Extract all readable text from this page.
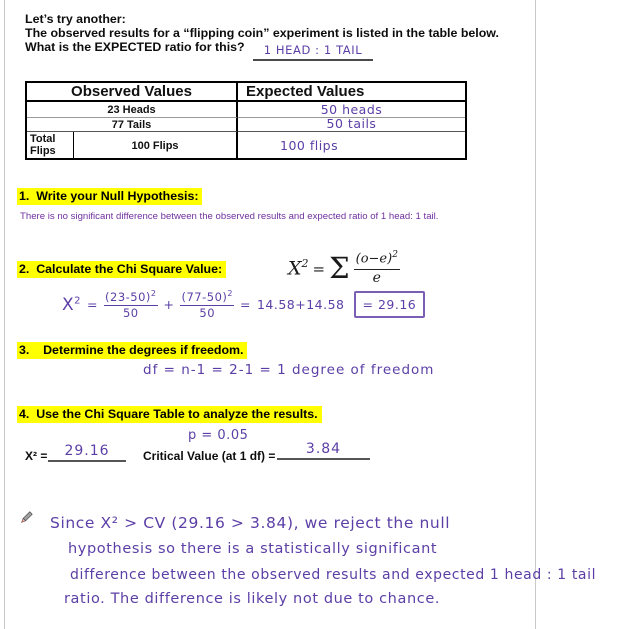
Let’s try another:
The observed results for a “flipping coin” experiment is listed in the table below.
What is the EXPECTED ratio for this?	1 HEAD : 1 TAIL
Observed Values	Expected Values
23 Heads	50 heads
77 Tails	50 tails
Total Flips	100 Flips	100 flips
1.  Write your Null Hypothesis:
There is no significant difference between the observed results and expected ratio of 1 head: 1 tail.
2.  Calculate the Chi Square Value:	$X^2 = \Sigma \frac{(o-e)^2}{e}$
$X^2 = \frac{(23-50)^2}{50} + \frac{(77-50)^2}{50} = 14.58+14.58$	= 29.16
3.    Determine the degrees if freedom.
df = n-1 = 2-1 = 1 degree of freedom
4.  Use the Chi Square Table to analyze the results.
p = 0.05
X² =	29.16	Critical Value (at 1 df) =	3.84
Since X² > CV (29.16 > 3.84), we reject the null
hypothesis so there is a statistically significant
difference between the observed results and expected 1 head : 1 tail
ratio. The difference is likely not due to chance.
